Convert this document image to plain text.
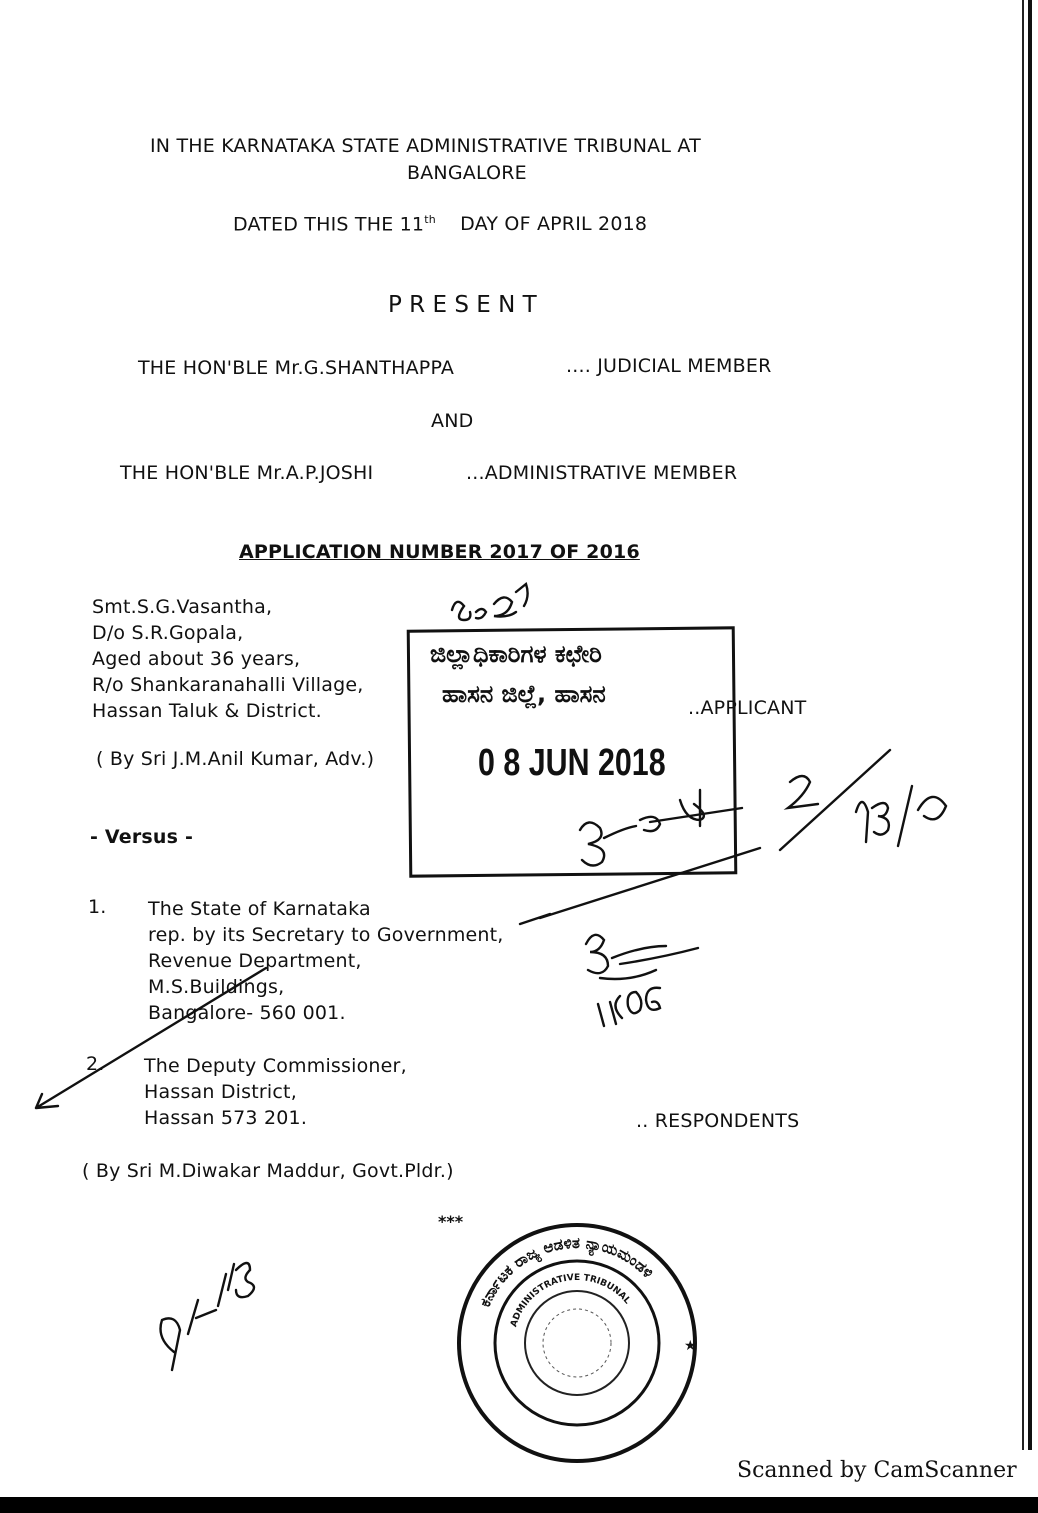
IN THE KARNATAKA STATE ADMINISTRATIVE TRIBUNAL AT
BANGALORE
DATED THIS THE 11th DAY OF APRIL 2018
P R E S E N T
THE HON'BLE Mr.G.SHANTHAPPA	.... JUDICIAL MEMBER
AND
THE HON'BLE Mr.A.P.JOSHI	...ADMINISTRATIVE MEMBER
APPLICATION NUMBER 2017 OF 2016
Smt.S.G.Vasantha,
D/o S.R.Gopala,
Aged about 36 years,
R/o Shankaranahalli Village,
Hassan Taluk & District.	..APPLICANT
( By Sri J.M.Anil Kumar, Adv.)
- Versus -
1. The State of Karnataka
rep. by its Secretary to Government,
Revenue Department,
M.S.Buildings,
Bangalore- 560 001.
2. The Deputy Commissioner,
Hassan District,
Hassan 573 201.	.. RESPONDENTS
( By Sri M.Diwakar Maddur, Govt.Pldr.)
***
ಜಿಲ್ಲಾಧಿಕಾರಿಗಳ ಕಛೇರಿ
ಹಾಸನ ಜಿಲ್ಲೆ, ಹಾಸನ
0 8 JUN 2018
ಕರ್ನಾಟಕ ರಾಜ್ಯ ಆಡಳಿತ ನ್ಯಾಯಮಂಡಳಿ
ADMINISTRATIVE TRIBUNAL
★
Scanned by CamScanner
